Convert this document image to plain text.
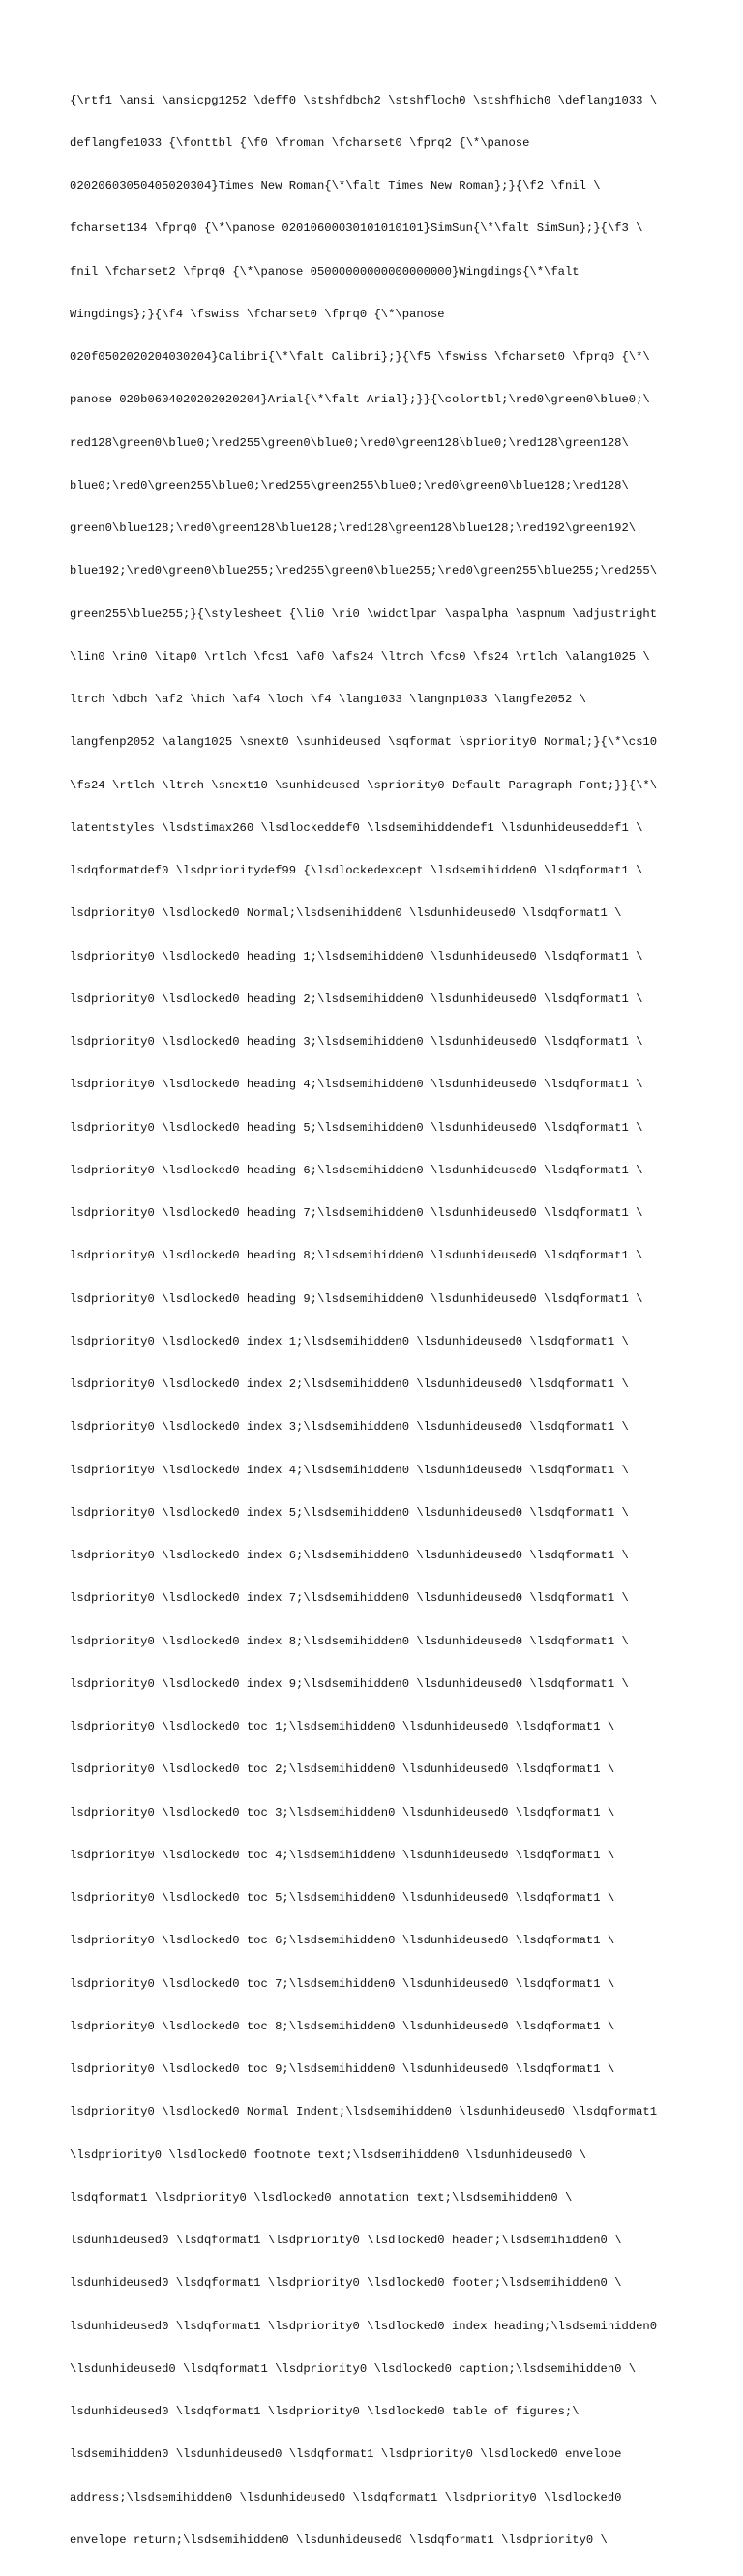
{\rtf1 \ansi \ansicpg1252 \deff0 \stshfdbch2 \stshfloch0 \stshfhich0 \deflang1033 \

deflangfe1033 {\fonttbl {\f0 \froman \fcharset0 \fprq2 {\*\panose

02020603050405020304}Times New Roman{\*\falt Times New Roman};}{\f2 \fnil \

fcharset134 \fprq0 {\*\panose 02010600030101010101}SimSun{\*\falt SimSun};}{\f3 \

fnil \fcharset2 \fprq0 {\*\panose 05000000000000000000}Wingdings{\*\falt

Wingdings};}{\f4 \fswiss \fcharset0 \fprq0 {\*\panose

020f0502020204030204}Calibri{\*\falt Calibri};}{\f5 \fswiss \fcharset0 \fprq0 {\*\

panose 020b0604020202020204}Arial{\*\falt Arial};}}{\colortbl;\red0\green0\blue0;\

red128\green0\blue0;\red255\green0\blue0;\red0\green128\blue0;\red128\green128\

blue0;\red0\green255\blue0;\red255\green255\blue0;\red0\green0\blue128;\red128\

green0\blue128;\red0\green128\blue128;\red128\green128\blue128;\red192\green192\

blue192;\red0\green0\blue255;\red255\green0\blue255;\red0\green255\blue255;\red255\

green255\blue255;}{\stylesheet {\li0 \ri0 \widctlpar \aspalpha \aspnum \adjustright

\lin0 \rin0 \itap0 \rtlch \fcs1 \af0 \afs24 \ltrch \fcs0 \fs24 \rtlch \alang1025 \

ltrch \dbch \af2 \hich \af4 \loch \f4 \lang1033 \langnp1033 \langfe2052 \

langfenp2052 \alang1025 \snext0 \sunhideused \sqformat \spriority0 Normal;}{\*\cs10

\fs24 \rtlch \ltrch \snext10 \sunhideused \spriority0 Default Paragraph Font;}}{\*\

latentstyles \lsdstimax260 \lsdlockeddef0 \lsdsemihiddendef1 \lsdunhideuseddef1 \

lsdqformatdef0 \lsdprioritydef99 {\lsdlockedexcept \lsdsemihidden0 \lsdqformat1 \

lsdpriority0 \lsdlocked0 Normal;\lsdsemihidden0 \lsdunhideused0 \lsdqformat1 \

lsdpriority0 \lsdlocked0 heading 1;\lsdsemihidden0 \lsdunhideused0 \lsdqformat1 \

lsdpriority0 \lsdlocked0 heading 2;\lsdsemihidden0 \lsdunhideused0 \lsdqformat1 \

lsdpriority0 \lsdlocked0 heading 3;\lsdsemihidden0 \lsdunhideused0 \lsdqformat1 \

lsdpriority0 \lsdlocked0 heading 4;\lsdsemihidden0 \lsdunhideused0 \lsdqformat1 \

lsdpriority0 \lsdlocked0 heading 5;\lsdsemihidden0 \lsdunhideused0 \lsdqformat1 \

lsdpriority0 \lsdlocked0 heading 6;\lsdsemihidden0 \lsdunhideused0 \lsdqformat1 \

lsdpriority0 \lsdlocked0 heading 7;\lsdsemihidden0 \lsdunhideused0 \lsdqformat1 \

lsdpriority0 \lsdlocked0 heading 8;\lsdsemihidden0 \lsdunhideused0 \lsdqformat1 \

lsdpriority0 \lsdlocked0 heading 9;\lsdsemihidden0 \lsdunhideused0 \lsdqformat1 \

lsdpriority0 \lsdlocked0 index 1;\lsdsemihidden0 \lsdunhideused0 \lsdqformat1 \

lsdpriority0 \lsdlocked0 index 2;\lsdsemihidden0 \lsdunhideused0 \lsdqformat1 \

lsdpriority0 \lsdlocked0 index 3;\lsdsemihidden0 \lsdunhideused0 \lsdqformat1 \

lsdpriority0 \lsdlocked0 index 4;\lsdsemihidden0 \lsdunhideused0 \lsdqformat1 \

lsdpriority0 \lsdlocked0 index 5;\lsdsemihidden0 \lsdunhideused0 \lsdqformat1 \

lsdpriority0 \lsdlocked0 index 6;\lsdsemihidden0 \lsdunhideused0 \lsdqformat1 \

lsdpriority0 \lsdlocked0 index 7;\lsdsemihidden0 \lsdunhideused0 \lsdqformat1 \

lsdpriority0 \lsdlocked0 index 8;\lsdsemihidden0 \lsdunhideused0 \lsdqformat1 \

lsdpriority0 \lsdlocked0 index 9;\lsdsemihidden0 \lsdunhideused0 \lsdqformat1 \

lsdpriority0 \lsdlocked0 toc 1;\lsdsemihidden0 \lsdunhideused0 \lsdqformat1 \

lsdpriority0 \lsdlocked0 toc 2;\lsdsemihidden0 \lsdunhideused0 \lsdqformat1 \

lsdpriority0 \lsdlocked0 toc 3;\lsdsemihidden0 \lsdunhideused0 \lsdqformat1 \

lsdpriority0 \lsdlocked0 toc 4;\lsdsemihidden0 \lsdunhideused0 \lsdqformat1 \

lsdpriority0 \lsdlocked0 toc 5;\lsdsemihidden0 \lsdunhideused0 \lsdqformat1 \

lsdpriority0 \lsdlocked0 toc 6;\lsdsemihidden0 \lsdunhideused0 \lsdqformat1 \

lsdpriority0 \lsdlocked0 toc 7;\lsdsemihidden0 \lsdunhideused0 \lsdqformat1 \

lsdpriority0 \lsdlocked0 toc 8;\lsdsemihidden0 \lsdunhideused0 \lsdqformat1 \

lsdpriority0 \lsdlocked0 toc 9;\lsdsemihidden0 \lsdunhideused0 \lsdqformat1 \

lsdpriority0 \lsdlocked0 Normal Indent;\lsdsemihidden0 \lsdunhideused0 \lsdqformat1

\lsdpriority0 \lsdlocked0 footnote text;\lsdsemihidden0 \lsdunhideused0 \

lsdqformat1 \lsdpriority0 \lsdlocked0 annotation text;\lsdsemihidden0 \

lsdunhideused0 \lsdqformat1 \lsdpriority0 \lsdlocked0 header;\lsdsemihidden0 \

lsdunhideused0 \lsdqformat1 \lsdpriority0 \lsdlocked0 footer;\lsdsemihidden0 \

lsdunhideused0 \lsdqformat1 \lsdpriority0 \lsdlocked0 index heading;\lsdsemihidden0

\lsdunhideused0 \lsdqformat1 \lsdpriority0 \lsdlocked0 caption;\lsdsemihidden0 \

lsdunhideused0 \lsdqformat1 \lsdpriority0 \lsdlocked0 table of figures;\

lsdsemihidden0 \lsdunhideused0 \lsdqformat1 \lsdpriority0 \lsdlocked0 envelope

address;\lsdsemihidden0 \lsdunhideused0 \lsdqformat1 \lsdpriority0 \lsdlocked0

envelope return;\lsdsemihidden0 \lsdunhideused0 \lsdqformat1 \lsdpriority0 \
